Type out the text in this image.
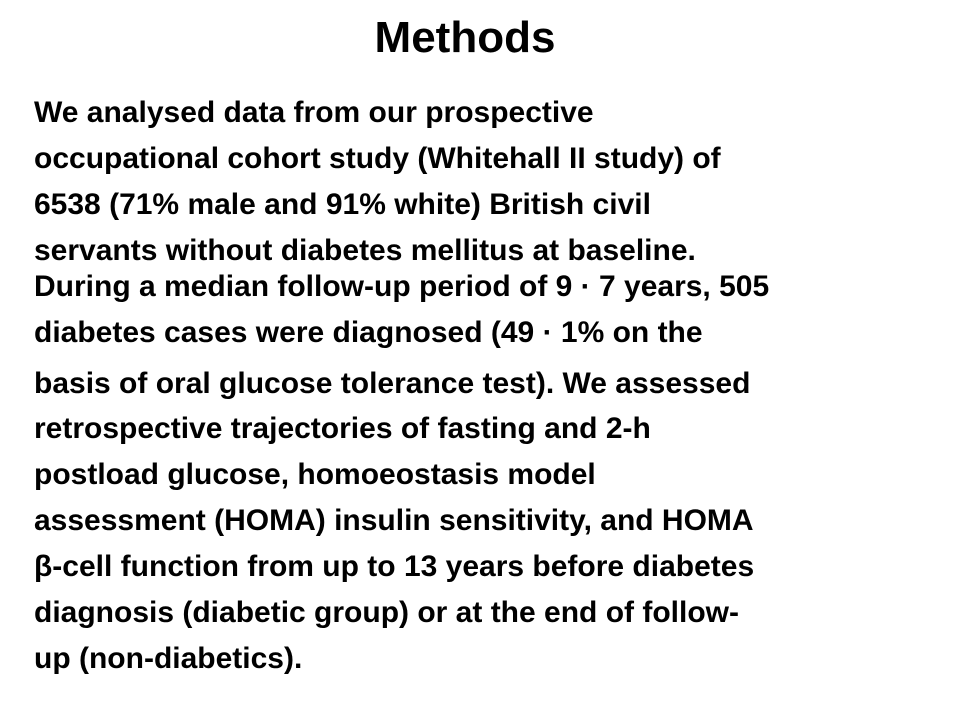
Methods

We analysed data from our prospective
occupational cohort study (Whitehall II study) of
6538 (71% male and 91% white) British civil
servants without diabetes mellitus at baseline.

During a median follow-up period of 9 · 7 years, 505
diabetes cases were diagnosed (49 · 1% on the
basis of oral glucose tolerance test). We assessed
retrospective trajectories of fasting and 2-h
postload glucose, homoeostasis model
assessment (HOMA) insulin sensitivity, and HOMA
β-cell function from up to 13 years before diabetes
diagnosis (diabetic group) or at the end of follow-
up (non-diabetics).
